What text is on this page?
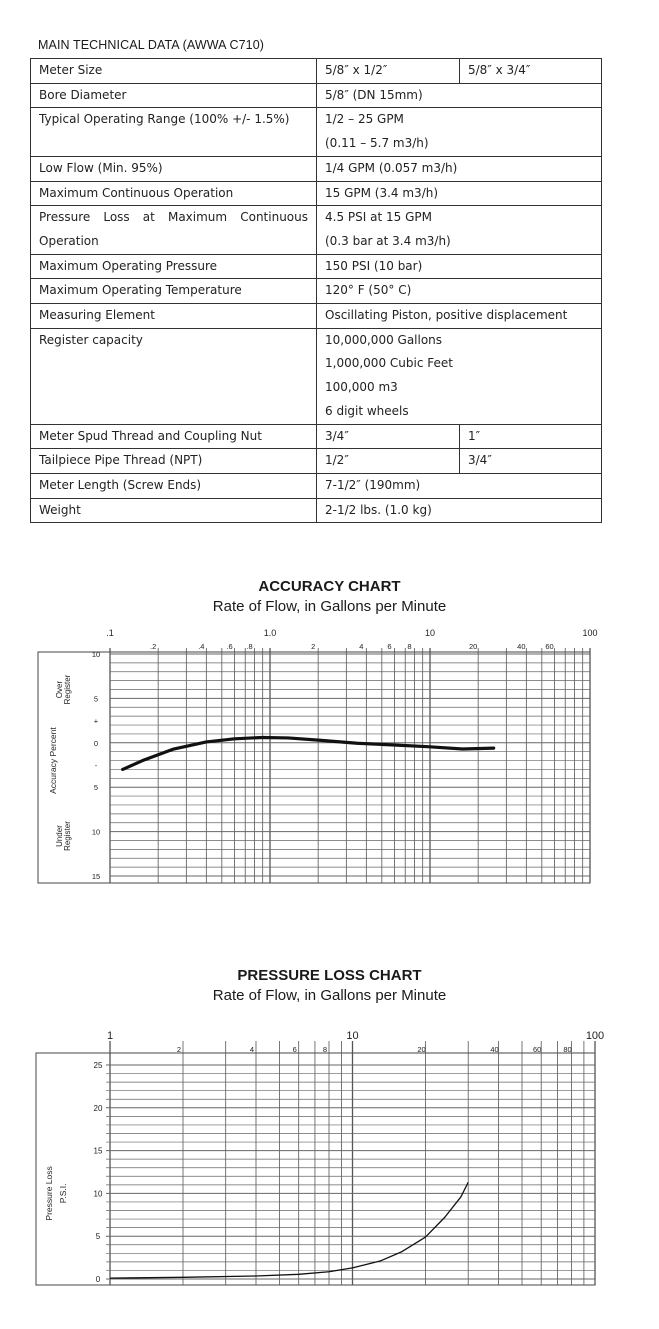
MAIN TECHNICAL DATA (AWWA C710)
Meter Size	5/8″ x 1/2″	5/8″ x 3/4″
Bore Diameter	5/8″ (DN 15mm)	

Typical Operating Range (100% +/- 1.5%)	1/2 – 25 GPM
(0.11 – 5.7 m3/h)	

Low Flow (Min. 95%)	1/4 GPM (0.057 m3/h)	

Maximum Continuous Operation	15 GPM (3.4 m3/h)	

Pressure Loss at Maximum Continuous Operation	4.5 PSI at 15 GPM
(0.3 bar at 3.4 m3/h)	

Maximum Operating Pressure	150 PSI (10 bar)	

Maximum Operating Temperature	120° F (50° C)	

Measuring Element	Oscillating Piston, positive displacement	

Register capacity	10,000,000 Gallons
1,000,000 Cubic Feet
100,000 m3
6 digit wheels	

Meter Spud Thread and Coupling Nut	3/4″	1″
Tailpiece Pipe Thread (NPT)	1/2″	3/4″
Meter Length (Screw Ends)	7-1/2″ (190mm)	

Weight	2-1/2 lbs. (1.0 kg)	
ACCURACY CHART
Rate of Flow, in Gallons per Minute
.1
.2	.4	.6 .8
1.0
2	4	6 8
10
20	40	60
100
10
5
+
0
-
5
10
15
Over Register
Under Register
Accuracy Percent
PRESSURE LOSS CHART
Rate of Flow, in Gallons per Minute
1
2	4	6	8
10
20	40	60	80
100
0
5
10
15
20
25
Pressure Loss P.S.I.
